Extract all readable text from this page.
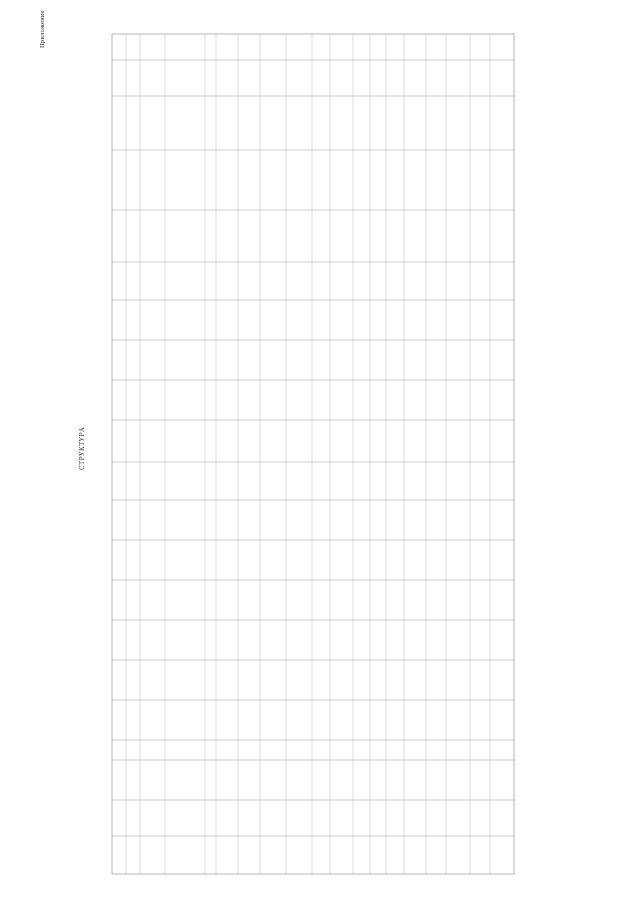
СТРУКТУРА
Приложение
